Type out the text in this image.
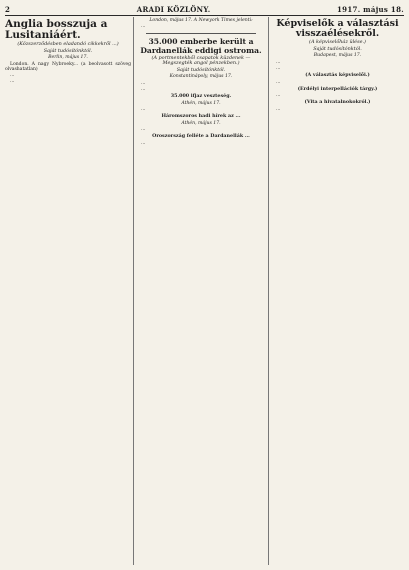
2	ARADI KÖZLÖNY.	1917. május 18.
Anglia bosszuja a Lusitaniáért.
(Közszerződésben eladandó cikkekről ...)
Saját tudósítónktól.
Berlin, május 17.

London. A nagy Nybroeky... (a beolvasott szöveg olvashatatlan)

...

...

London, május 17. A Newyork Times jelenti:

...

35.000 emberbe került a Dardanellák eddigi ostroma.
(A portmentekből csapatok küzdenek — Megszegték angol pénzekben.)
Saját tudósítónktól.
Konstantinápoly, május 17.

...

...

35.000 ifjaz veszteség.
Athén, május 17.

...

Háromszoros hadi hírek az ...
Athén, május 17.

...

Oroszország felléte a Dardanellák ...

...

Képviselők a választási visszaélésekről.
(A képviselőház ülése.)
Saját tudósítónktól.
Budapest, május 17.

...

...

(A választás képviselői.)

...

(Erdélyi interpellációk tárgy.)

...

(Vita a hivatalnokokról.)

...
